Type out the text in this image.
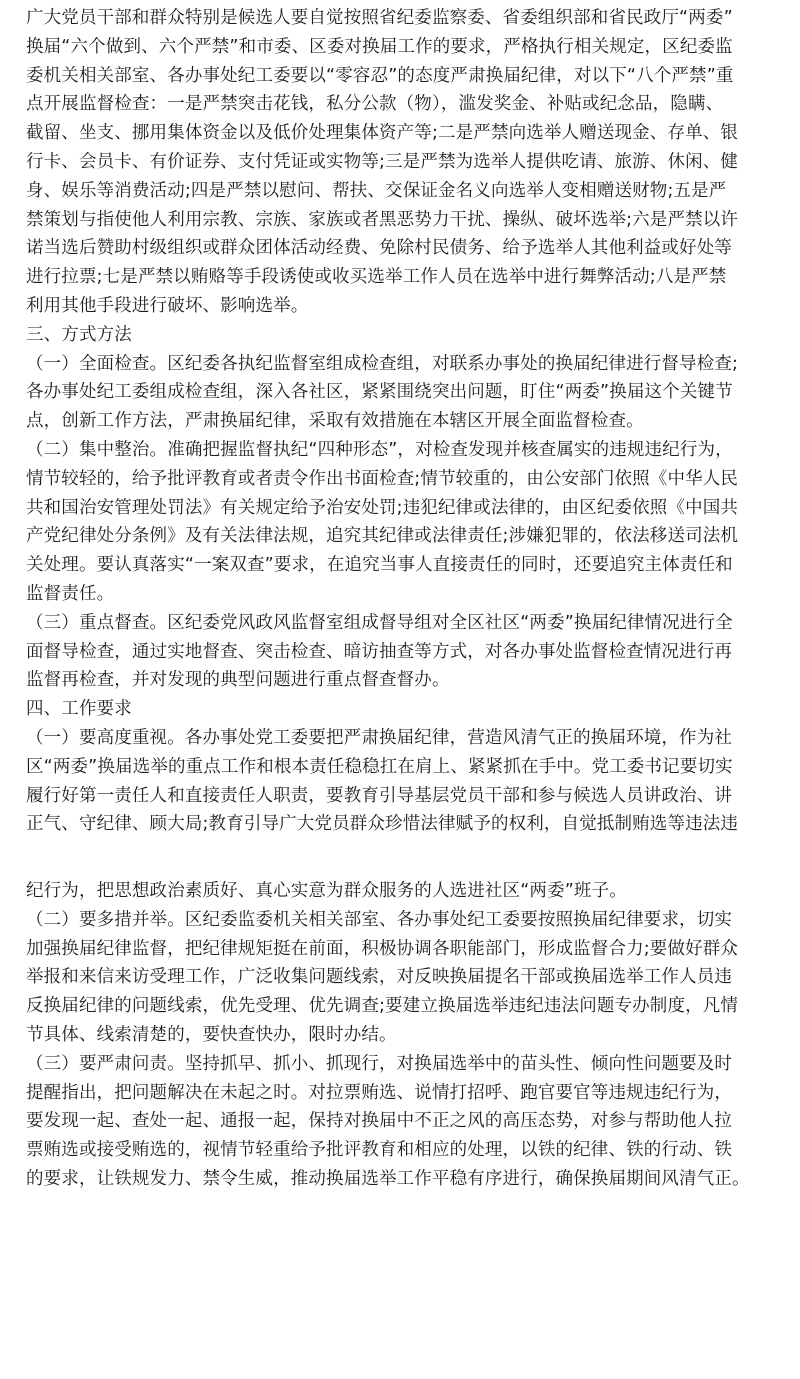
广大党员干部和群众特别是候选人要自觉按照省纪委监察委、省委组织部和省民政厅“两委”
换届“六个做到、六个严禁”和市委、区委对换届工作的要求，严格执行相关规定，区纪委监
委机关相关部室、各办事处纪工委要以“零容忍”的态度严肃换届纪律，对以下“八个严禁”重
点开展监督检查：一是严禁突击花钱，私分公款（物），滥发奖金、补贴或纪念品，隐瞒、
截留、坐支、挪用集体资金以及低价处理集体资产等;二是严禁向选举人赠送现金、存单、银
行卡、会员卡、有价证券、支付凭证或实物等;三是严禁为选举人提供吃请、旅游、休闲、健
身、娱乐等消费活动;四是严禁以慰问、帮扶、交保证金名义向选举人变相赠送财物;五是严
禁策划与指使他人利用宗教、宗族、家族或者黑恶势力干扰、操纵、破坏选举;六是严禁以许
诺当选后赞助村级组织或群众团体活动经费、免除村民债务、给予选举人其他利益或好处等
进行拉票;七是严禁以贿赂等手段诱使或收买选举工作人员在选举中进行舞弊活动;八是严禁
利用其他手段进行破坏、影响选举。
三、方式方法
（一）全面检查。区纪委各执纪监督室组成检查组，对联系办事处的换届纪律进行督导检查;
各办事处纪工委组成检查组，深入各社区，紧紧围绕突出问题，盯住“两委”换届这个关键节
点，创新工作方法，严肃换届纪律，采取有效措施在本辖区开展全面监督检查。
（二）集中整治。准确把握监督执纪“四种形态”，对检查发现并核查属实的违规违纪行为，
情节较轻的，给予批评教育或者责令作出书面检查;情节较重的，由公安部门依照《中华人民
共和国治安管理处罚法》有关规定给予治安处罚;违犯纪律或法律的，由区纪委依照《中国共
产党纪律处分条例》及有关法律法规，追究其纪律或法律责任;涉嫌犯罪的，依法移送司法机
关处理。要认真落实“一案双查”要求，在追究当事人直接责任的同时，还要追究主体责任和
监督责任。
（三）重点督查。区纪委党风政风监督室组成督导组对全区社区“两委”换届纪律情况进行全
面督导检查，通过实地督查、突击检查、暗访抽查等方式，对各办事处监督检查情况进行再
监督再检查，并对发现的典型问题进行重点督查督办。
四、工作要求
（一）要高度重视。各办事处党工委要把严肃换届纪律，营造风清气正的换届环境，作为社
区“两委”换届选举的重点工作和根本责任稳稳扛在肩上、紧紧抓在手中。党工委书记要切实
履行好第一责任人和直接责任人职责，要教育引导基层党员干部和参与候选人员讲政治、讲
正气、守纪律、顾大局;教育引导广大党员群众珍惜法律赋予的权利，自觉抵制贿选等违法违
纪行为，把思想政治素质好、真心实意为群众服务的人选进社区“两委”班子。
（二）要多措并举。区纪委监委机关相关部室、各办事处纪工委要按照换届纪律要求，切实
加强换届纪律监督，把纪律规矩挺在前面，积极协调各职能部门，形成监督合力;要做好群众
举报和来信来访受理工作，广泛收集问题线索，对反映换届提名干部或换届选举工作人员违
反换届纪律的问题线索，优先受理、优先调查;要建立换届选举违纪违法问题专办制度，凡情
节具体、线索清楚的，要快查快办，限时办结。
（三）要严肃问责。坚持抓早、抓小、抓现行，对换届选举中的苗头性、倾向性问题要及时
提醒指出，把问题解决在未起之时。对拉票贿选、说情打招呼、跑官要官等违规违纪行为，
要发现一起、查处一起、通报一起，保持对换届中不正之风的高压态势，对参与帮助他人拉
票贿选或接受贿选的，视情节轻重给予批评教育和相应的处理，以铁的纪律、铁的行动、铁
的要求，让铁规发力、禁令生威，推动换届选举工作平稳有序进行，确保换届期间风清气正。
